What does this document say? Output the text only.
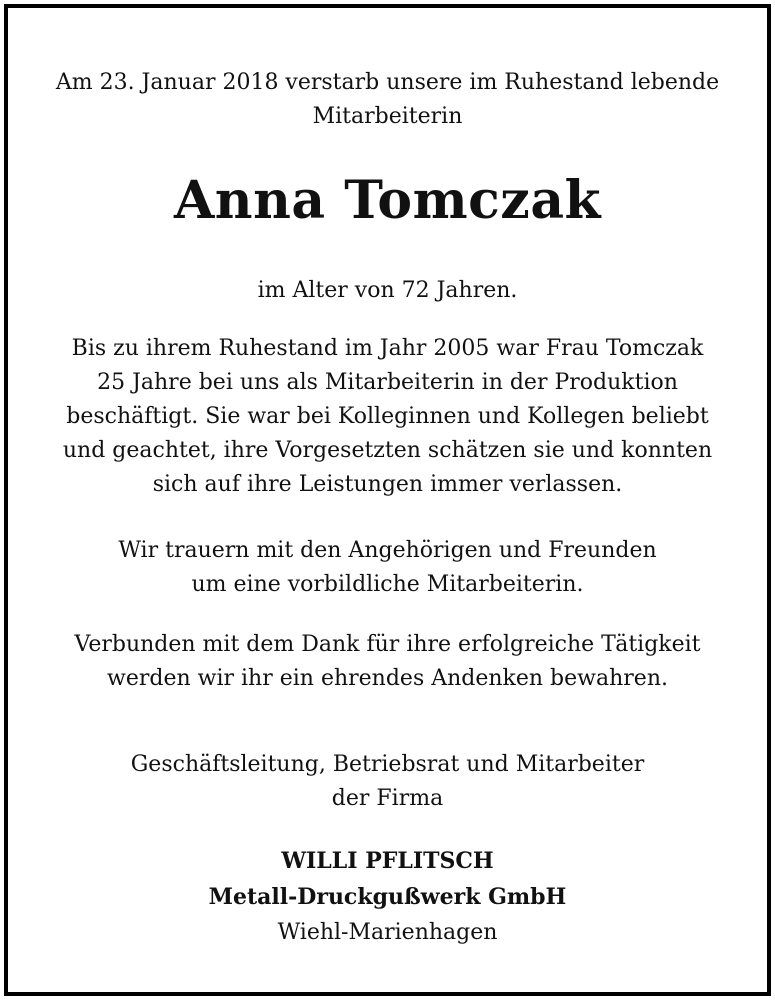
Am 23. Januar 2018 verstarb unsere im Ruhestand lebende
Mitarbeiterin
Anna Tomczak
im Alter von 72 Jahren.
Bis zu ihrem Ruhestand im Jahr 2005 war Frau Tomczak
25 Jahre bei uns als Mitarbeiterin in der Produktion
beschäftigt. Sie war bei Kolleginnen und Kollegen beliebt
und geachtet, ihre Vorgesetzten schätzen sie und konnten
sich auf ihre Leistungen immer verlassen.
Wir trauern mit den Angehörigen und Freunden
um eine vorbildliche Mitarbeiterin.
Verbunden mit dem Dank für ihre erfolgreiche Tätigkeit
werden wir ihr ein ehrendes Andenken bewahren.
Geschäftsleitung, Betriebsrat und Mitarbeiter
der Firma
WILLI PFLITSCH
Metall-Druckgußwerk GmbH
Wiehl-Marienhagen
